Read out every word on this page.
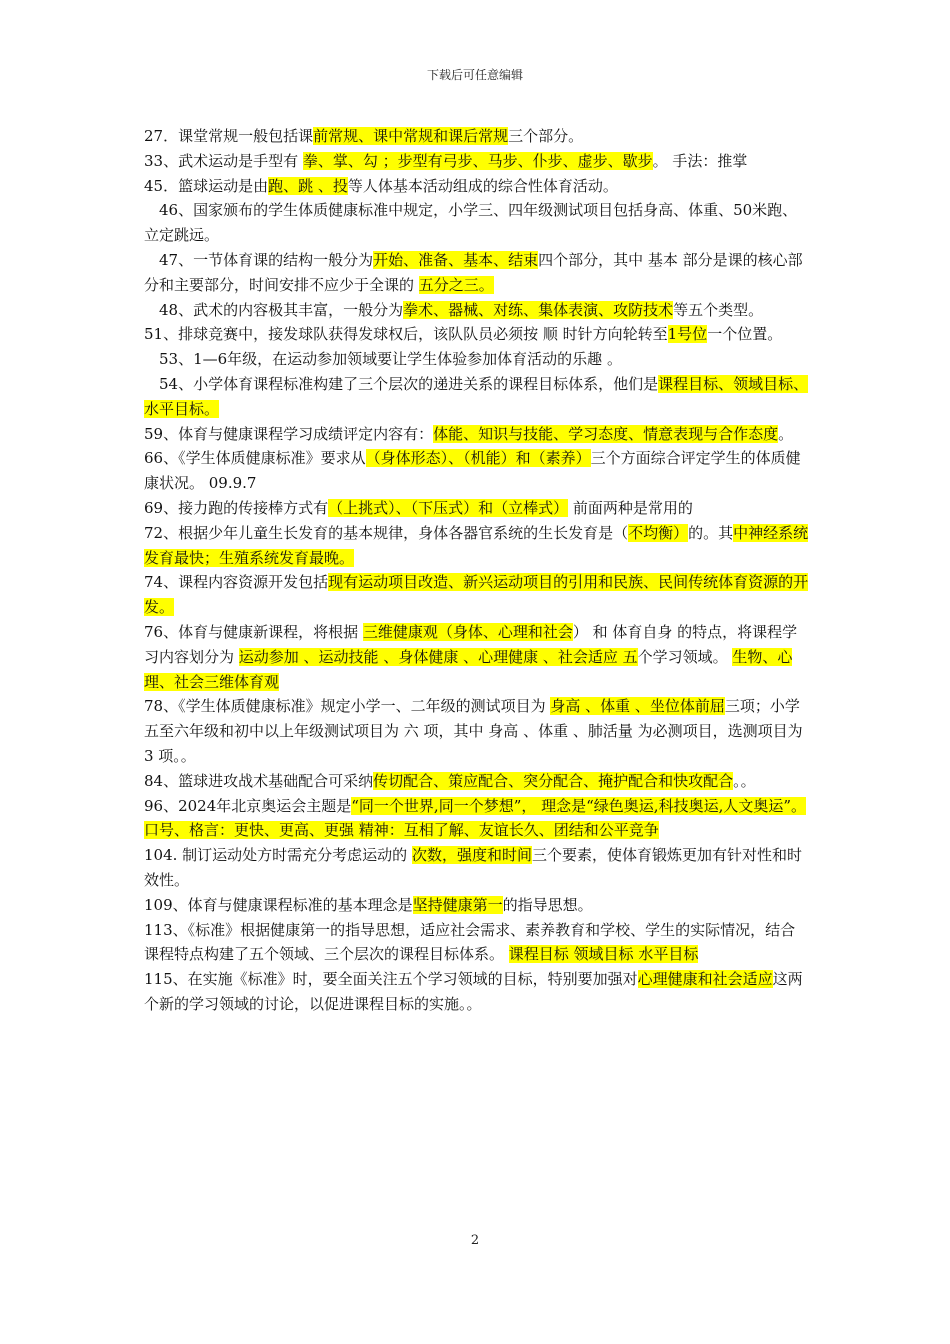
下载后可任意编辑

27．课堂常规一般包括课前常规、课中常规和课后常规三个部分。

33、武术运动是手型有 拳、掌、勾 ；步型有弓步、马步、仆步、虚步、歇步。 手法：推掌

45．篮球运动是由跑、跳 、投等人体基本活动组成的综合性体育活动。

46、国家颁布的学生体质健康标准中规定，小学三、四年级测试项目包括身高、体重、50米跑、 立定跳远。

47、一节体育课的结构一般分为开始、准备、基本、结束四个部分，其中 基本 部分是课的核心部分和主要部分，时间安排不应少于全课的 五分之三。

48、武术的内容极其丰富，一般分为拳术、器械、对练、集体表演、攻防技术等五个类型。

51、排球竞赛中，接发球队获得发球权后，该队队员必须按 顺 时针方向轮转至1号位一个位置。

53、1—6年级，在运动参加领域要让学生体验参加体育活动的乐趣 。

54、小学体育课程标准构建了三个层次的递进关系的课程目标体系，他们是课程目标、领域目标、水平目标。

59、体育与健康课程学习成绩评定内容有：体能、知识与技能、学习态度、情意表现与合作态度。

66、《学生体质健康标准》要求从（身体形态）、（机能）和（素养）三个方面综合评定学生的体质健康状况。 09.9.7

69、接力跑的传接棒方式有（上挑式）、（下压式）和（立棒式） 前面两种是常用的

72、根据少年儿童生长发育的基本规律，身体各器官系统的生长发育是（不均衡）的。其中神经系统发育最快；生殖系统发育最晚。

74、课程内容资源开发包括现有运动项目改造、新兴运动项目的引用和民族、民间传统体育资源的开发。

76、体育与健康新课程，将根据 三维健康观（身体、心理和社会） 和 体育自身 的特点，将课程学习内容划分为 运动参加 、运动技能 、身体健康 、心理健康 、社会适应 五个学习领域。 生物、心理、社会三维体育观

78、《学生体质健康标准》规定小学一、二年级的测试项目为 身高 、体重 、坐位体前屈三项；小学五至六年级和初中以上年级测试项目为 六 项，其中 身高 、体重 、肺活量 为必测项目，选测项目为 3 项。。

84、篮球进攻战术基础配合可采纳传切配合、策应配合、突分配合、掩护配合和快攻配合。。

96、2024年北京奥运会主题是“同一个世界,同一个梦想”， 理念是“绿色奥运,科技奥运,人文奥运”。

口号、格言：更快、更高、更强 精神：互相了解、友谊长久、团结和公平竞争

104. 制订运动处方时需充分考虑运动的 次数，强度和时间三个要素，使体育锻炼更加有针对性和时效性。

109、体育与健康课程标准的基本理念是坚持健康第一的指导思想。

113、《标准》根据健康第一的指导思想，适应社会需求、素养教育和学校、学生的实际情况，结合课程特点构建了五个领域、三个层次的课程目标体系。 课程目标 领域目标 水平目标

115、在实施《标准》时，要全面关注五个学习领域的目标，特别要加强对心理健康和社会适应这两个新的学习领域的讨论，以促进课程目标的实施。。

2
